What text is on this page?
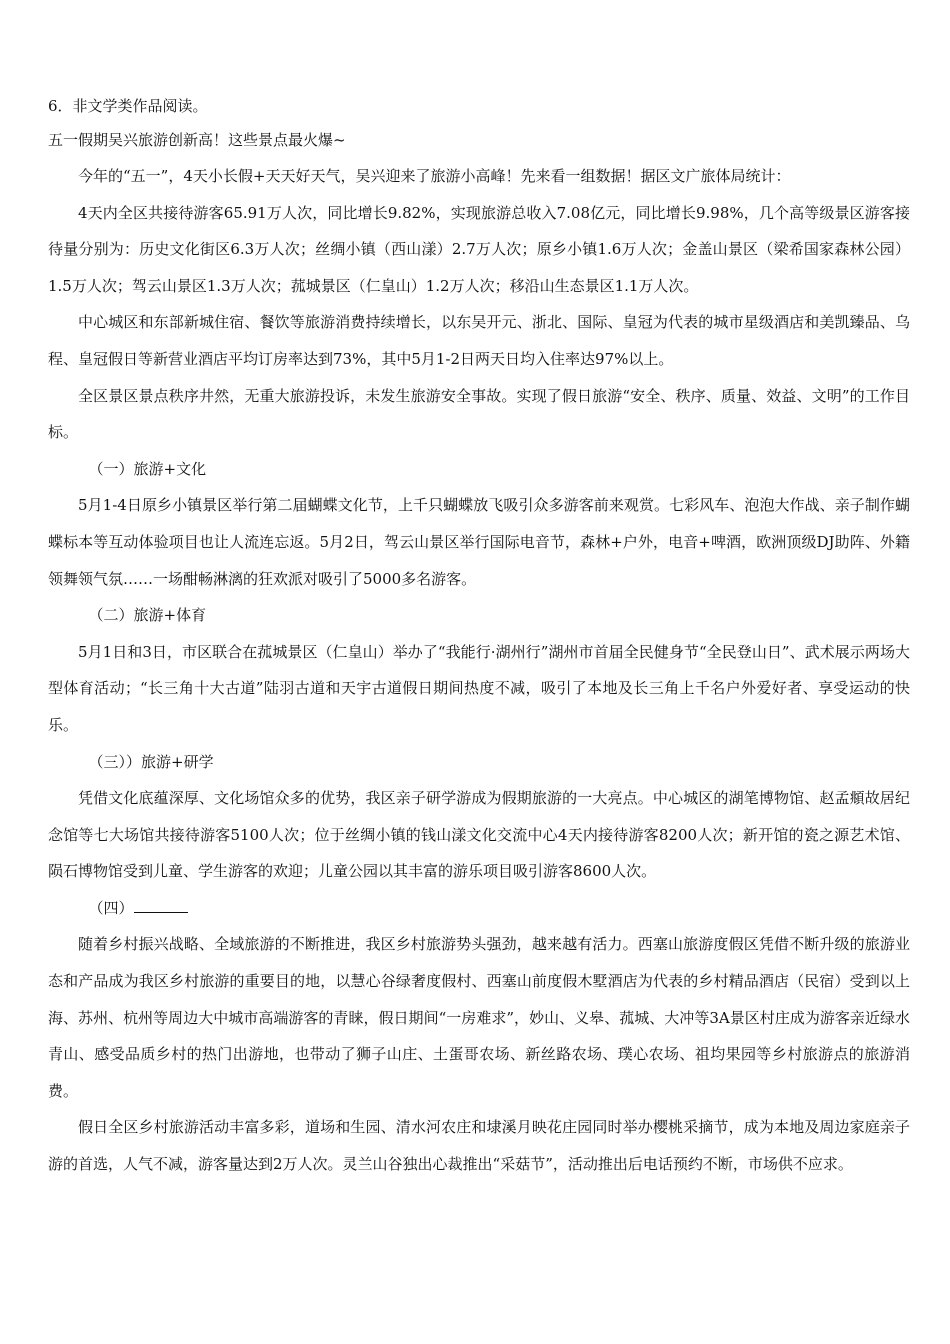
6．非文学类作品阅读。
五一假期吴兴旅游创新高！这些景点最火爆~

今年的“五一”，4天小长假+天天好天气，吴兴迎来了旅游小高峰！先来看一组数据！据区文广旅体局统计：

4天内全区共接待游客65.91万人次，同比增长9.82%，实现旅游总收入7.08亿元，同比增长9.98%，几个高等级景区游客接待量分别为：历史文化街区6.3万人次；丝绸小镇（西山漾）2.7万人次；原乡小镇1.6万人次；金盖山景区（梁希国家森林公园）1.5万人次；驾云山景区1.3万人次；菰城景区（仁皇山）1.2万人次；移沿山生态景区1.1万人次。

中心城区和东部新城住宿、餐饮等旅游消费持续增长，以东吴开元、浙北、国际、皇冠为代表的城市星级酒店和美凯臻品、乌程、皇冠假日等新营业酒店平均订房率达到73%，其中5月1-2日两天日均入住率达97%以上。

全区景区景点秩序井然，无重大旅游投诉，未发生旅游安全事故。实现了假日旅游“安全、秩序、质量、效益、文明”的工作目标。

（一）旅游+文化

5月1-4日原乡小镇景区举行第二届蝴蝶文化节，上千只蝴蝶放飞吸引众多游客前来观赏。七彩风车、泡泡大作战、亲子制作蝴蝶标本等互动体验项目也让人流连忘返。5月2日，驾云山景区举行国际电音节，森林+户外，电音+啤酒，欧洲顶级DJ助阵、外籍领舞领气氛……一场酣畅淋漓的狂欢派对吸引了5000多名游客。

（二）旅游+体育

5月1日和3日，市区联合在菰城景区（仁皇山）举办了“我能行·湖州行”湖州市首届全民健身节“全民登山日”、武术展示两场大型体育活动；“长三角十大古道”陆羽古道和天宇古道假日期间热度不减，吸引了本地及长三角上千名户外爱好者、享受运动的快乐。

（三））旅游+研学

凭借文化底蕴深厚、文化场馆众多的优势，我区亲子研学游成为假期旅游的一大亮点。中心城区的湖笔博物馆、赵孟頫故居纪念馆等七大场馆共接待游客5100人次；位于丝绸小镇的钱山漾文化交流中心4天内接待游客8200人次；新开馆的瓷之源艺术馆、陨石博物馆受到儿童、学生游客的欢迎；儿童公园以其丰富的游乐项目吸引游客8600人次。

（四）

随着乡村振兴战略、全域旅游的不断推进，我区乡村旅游势头强劲，越来越有活力。西塞山旅游度假区凭借不断升级的旅游业态和产品成为我区乡村旅游的重要目的地，以慧心谷绿奢度假村、西塞山前度假木墅酒店为代表的乡村精品酒店（民宿）受到以上海、苏州、杭州等周边大中城市高端游客的青睐，假日期间“一房难求”，妙山、义皋、菰城、大冲等3A景区村庄成为游客亲近绿水青山、感受品质乡村的热门出游地，也带动了狮子山庄、土蛋哥农场、新丝路农场、璞心农场、祖均果园等乡村旅游点的旅游消费。

假日全区乡村旅游活动丰富多彩，道场和生园、清水河农庄和埭溪月映花庄园同时举办樱桃采摘节，成为本地及周边家庭亲子游的首选，人气不减，游客量达到2万人次。灵兰山谷独出心裁推出“采菇节”，活动推出后电话预约不断，市场供不应求。
